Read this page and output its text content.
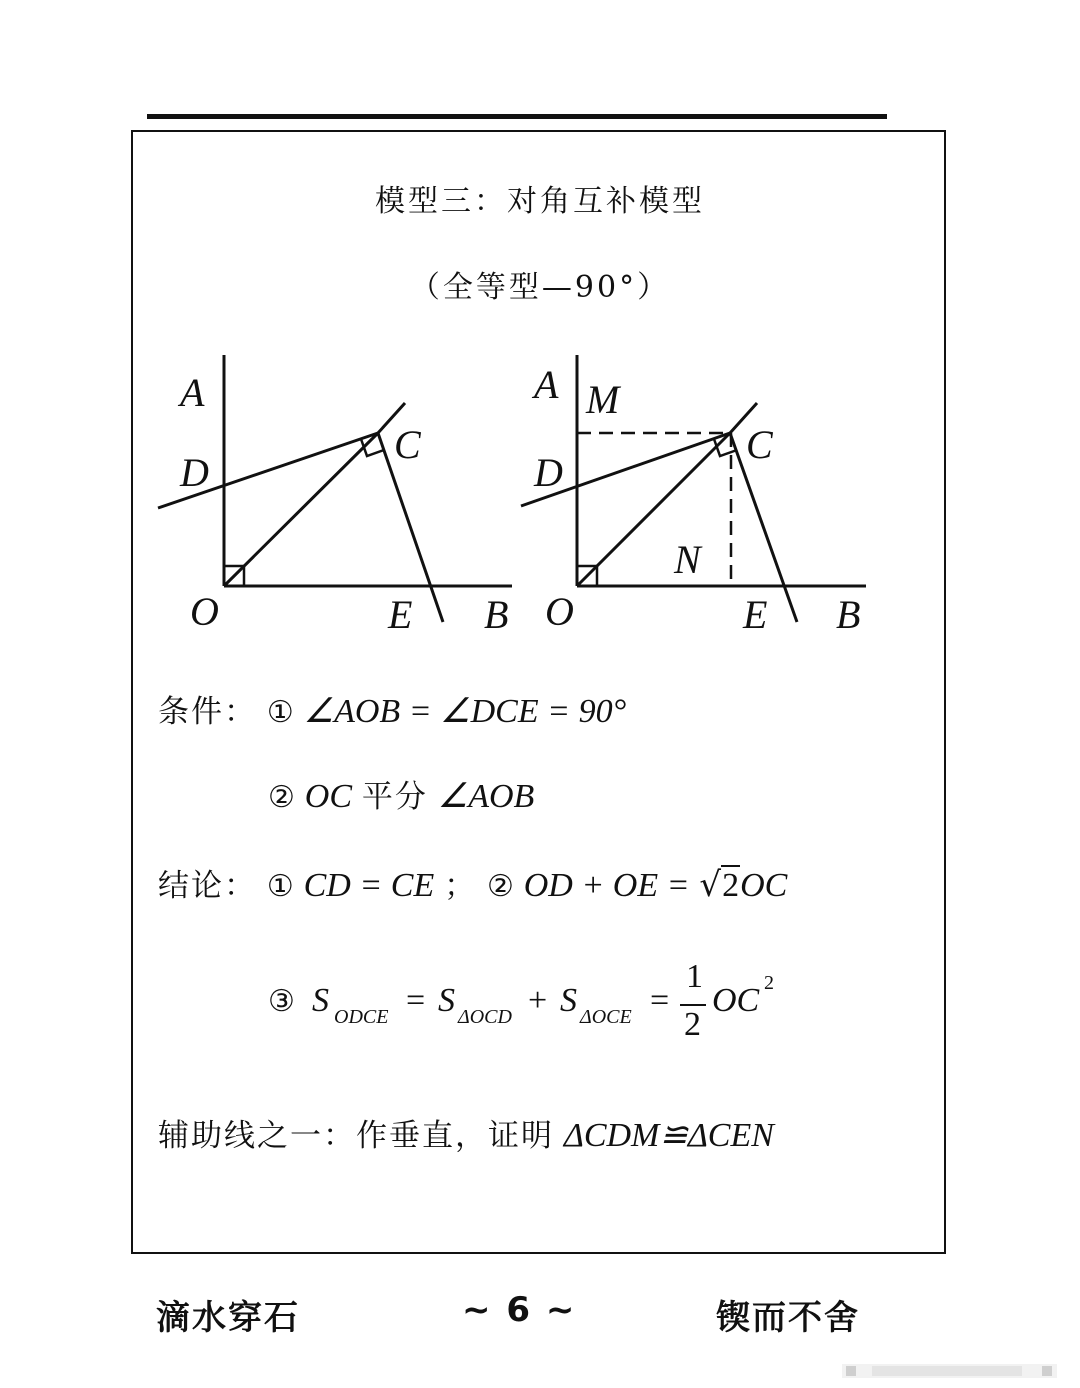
模型三：对角互补模型
（全等型—90°）
A
D
C
O	E B
A M
D
C
N
O	E B
条件： ① ∠AOB = ∠DCE = 90°
② OC 平分 ∠AOB
结论： ① CD = CE ； ② OD + OE = √2OC
③ S ODCE = S ΔOCD + S ΔOCE =
1
2
OC 2
辅助线之一：作垂直，证明 ΔCDM≌ΔCEN
滴水穿石	~ 6 ~	锲而不舍
